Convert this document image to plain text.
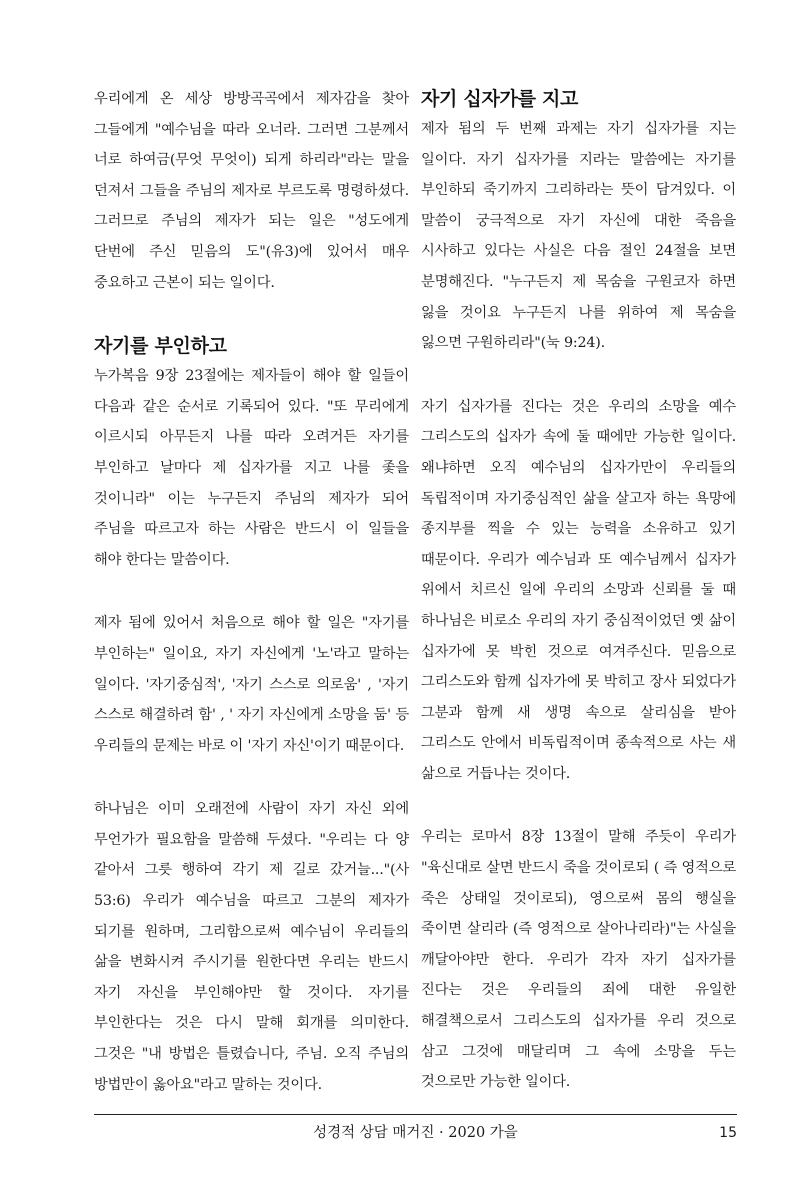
우리에게 온 세상 방방곡곡에서 제자감을 찾아 그들에게 "예수님을 따라 오너라. 그러면 그분께서 너로 하여금(무엇 무엇이) 되게 하리라"라는 말을 던져서 그들을 주님의 제자로 부르도록 명령하셨다. 그러므로 주님의 제자가 되는 일은 "성도에게 단번에 주신 믿음의 도"(유3)에 있어서 매우 중요하고 근본이 되는 일이다.

자기를 부인하고

누가복음 9장 23절에는 제자들이 해야 할 일들이 다음과 같은 순서로 기록되어 있다. "또 무리에게 이르시되 아무든지 나를 따라 오려거든 자기를 부인하고 날마다 제 십자가를 지고 나를 좇을 것이니라" 이는 누구든지 주님의 제자가 되어 주님을 따르고자 하는 사람은 반드시 이 일들을 해야 한다는 말씀이다.

제자 됨에 있어서 처음으로 해야 할 일은 "자기를 부인하는" 일이요, 자기 자신에게 '노'라고 말하는 일이다. '자기중심적', '자기 스스로 의로움' , '자기 스스로 해결하려 함' , ' 자기 자신에게 소망을 둠' 등 우리들의 문제는 바로 이 '자기 자신'이기 때문이다.

하나님은 이미 오래전에 사람이 자기 자신 외에 무언가가 필요함을 말씀해 두셨다. "우리는 다 양 같아서 그릇 행하여 각기 제 길로 갔거늘..."(사 53:6) 우리가 예수님을 따르고 그분의 제자가 되기를 원하며, 그리함으로써 예수님이 우리들의 삶을 변화시켜 주시기를 원한다면 우리는 반드시 자기 자신을 부인해야만 할 것이다. 자기를 부인한다는 것은 다시 말해 회개를 의미한다. 그것은 "내 방법은 틀렸습니다, 주님. 오직 주님의 방법만이 옳아요"라고 말하는 것이다.

자기 십자가를 지고

제자 됨의 두 번째 과제는 자기 십자가를 지는 일이다. 자기 십자가를 지라는 말씀에는 자기를 부인하되 죽기까지 그리하라는 뜻이 담겨있다. 이 말씀이 궁극적으로 자기 자신에 대한 죽음을 시사하고 있다는 사실은 다음 절인 24절을 보면 분명해진다. "누구든지 제 목숨을 구원코자 하면 잃을 것이요 누구든지 나를 위하여 제 목숨을 잃으면 구원하리라"(눅 9:24).

자기 십자가를 진다는 것은 우리의 소망을 예수 그리스도의 십자가 속에 둘 때에만 가능한 일이다. 왜냐하면 오직 예수님의 십자가만이 우리들의 독립적이며 자기중심적인 삶을 살고자 하는 욕망에 종지부를 찍을 수 있는 능력을 소유하고 있기 때문이다. 우리가 예수님과 또 예수님께서 십자가 위에서 치르신 일에 우리의 소망과 신뢰를 둘 때 하나님은 비로소 우리의 자기 중심적이었던 옛 삶이 십자가에 못 박힌 것으로 여겨주신다. 믿음으로 그리스도와 함께 십자가에 못 박히고 장사 되었다가 그분과 함께 새 생명 속으로 살리심을 받아 그리스도 안에서 비독립적이며 종속적으로 사는 새 삶으로 거듭나는 것이다.

우리는 로마서 8장 13절이 말해 주듯이 우리가 "육신대로 살면 반드시 죽을 것이로되 ( 즉 영적으로 죽은 상태일 것이로되), 영으로써 몸의 행실을 죽이면 살리라 (즉 영적으로 살아나리라)"는 사실을 깨달아야만 한다. 우리가 각자 자기 십자가를 진다는 것은 우리들의 죄에 대한 유일한 해결책으로서 그리스도의 십자가를 우리 것으로 삼고 그것에 매달리며 그 속에 소망을 두는 것으로만 가능한 일이다.

성경적 상담 매거진 · 2020 가을	15
